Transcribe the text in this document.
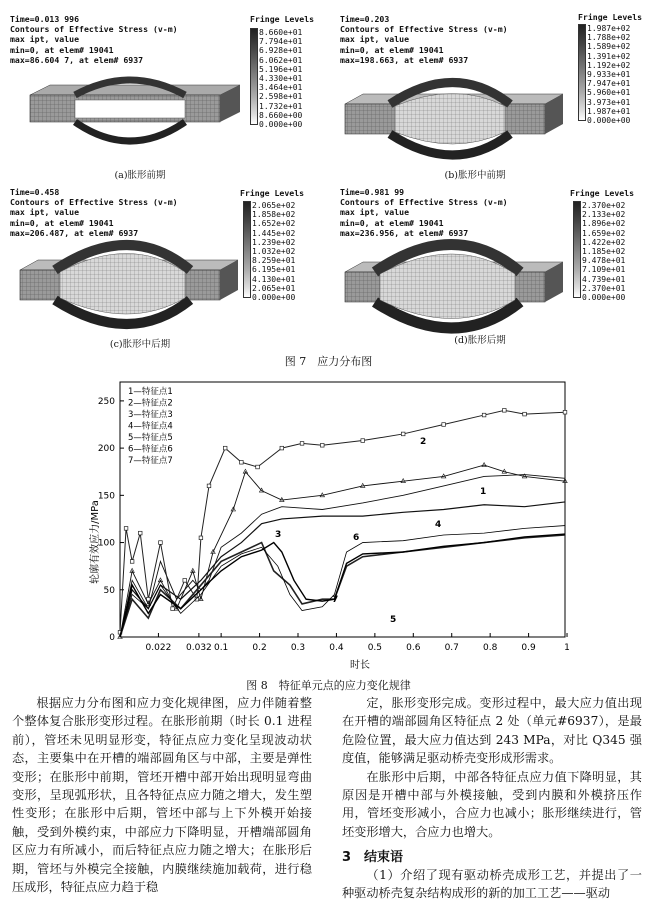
Time=0.013 996
Contours of Effective Stress (v-m)
max ipt, value
min=0, at elem# 19041
max=86.604 7, at elem# 6937
Fringe Levels
8.660e+01
7.794e+01
6.928e+01
6.062e+01
5.196e+01
4.330e+01
3.464e+01
2.598e+01
1.732e+01
8.660e+00
0.000e+00
(a)胀形前期
Time=0.203
Contours of Effective Stress (v-m)
max ipt, value
min=0, at elem# 19041
max=198.663, at elem# 6937
Fringe Levels
1.987e+02
1.788e+02
1.589e+02
1.391e+02
1.192e+02
9.933e+01
7.947e+01
5.960e+01
3.973e+01
1.987e+01
0.000e+00
(b)胀形中前期
Time=0.458
Contours of Effective Stress (v-m)
max ipt, value
min=0, at elem# 19041
max=206.487, at elem# 6937
Fringe Levels
2.065e+02
1.858e+02
1.652e+02
1.445e+02
1.239e+02
1.032e+02
8.259e+01
6.195e+01
4.130e+01
2.065e+01
0.000e+00
(c)胀形中后期
Time=0.981 99
Contours of Effective Stress (v-m)
max ipt, value
min=0, at elem# 19041
max=236.956, at elem# 6937
Fringe Levels
2.370e+02
2.133e+02
1.896e+02
1.659e+02
1.422e+02
1.185e+02
9.478e+01
7.109e+01
4.739e+01
2.370e+01
0.000e+00
(d)胀形后期
图 7　应力分布图
0
50
100
150
200
250
0.022 0.032 0.1	0.2	0.3	0.4	0.5	0.6	0.7	0.8	0.9	1
1—特征点1
2—特征点2
3—特征点3
4—特征点4
5—特征点5
6—特征点6
7—特征点7
2
1
3
4
6
7
5
轮廓有效应力/MPa
时长
图 8　特征单元点的应力变化规律

根据应力分布图和应力变化规律图，应力伴随着整个整体复合胀形变形过程。在胀形前期（时长 0.1 进程前），管坯未见明显形变，特征点应力变化呈现波动状态，主要集中在开槽的端部圆角区与中部，主要是弹性变形；在胀形中前期，管坯开槽中部开始出现明显弯曲变形，呈现弧形状，且各特征点应力随之增大，发生塑性变形；在胀形中后期，管坯中部与上下外模开始接触，受到外模约束，中部应力下降明显，开槽端部圆角区应力有所减小，而后特征点应力随之增大；在胀形后期，管坯与外模完全接触，内膜继续施加载荷，进行稳压成形，特征点应力趋于稳

定，胀形变形完成。变形过程中，最大应力值出现在开槽的端部圆角区特征点 2 处（单元#6937），是最危险位置，最大应力值达到 243 MPa，对比 Q345 强度值，能够满足驱动桥壳变形成形需求。

在胀形中后期，中部各特征点应力值下降明显，其原因是开槽中部与外模接触，受到内膜和外模挤压作用，管坯变形减小，合应力也减小；胀形继续进行，管坯变形增大，合应力也增大。

3　结束语

（1）介绍了现有驱动桥壳成形工艺，并提出了一种驱动桥壳复杂结构成形的新的加工工艺——驱动
